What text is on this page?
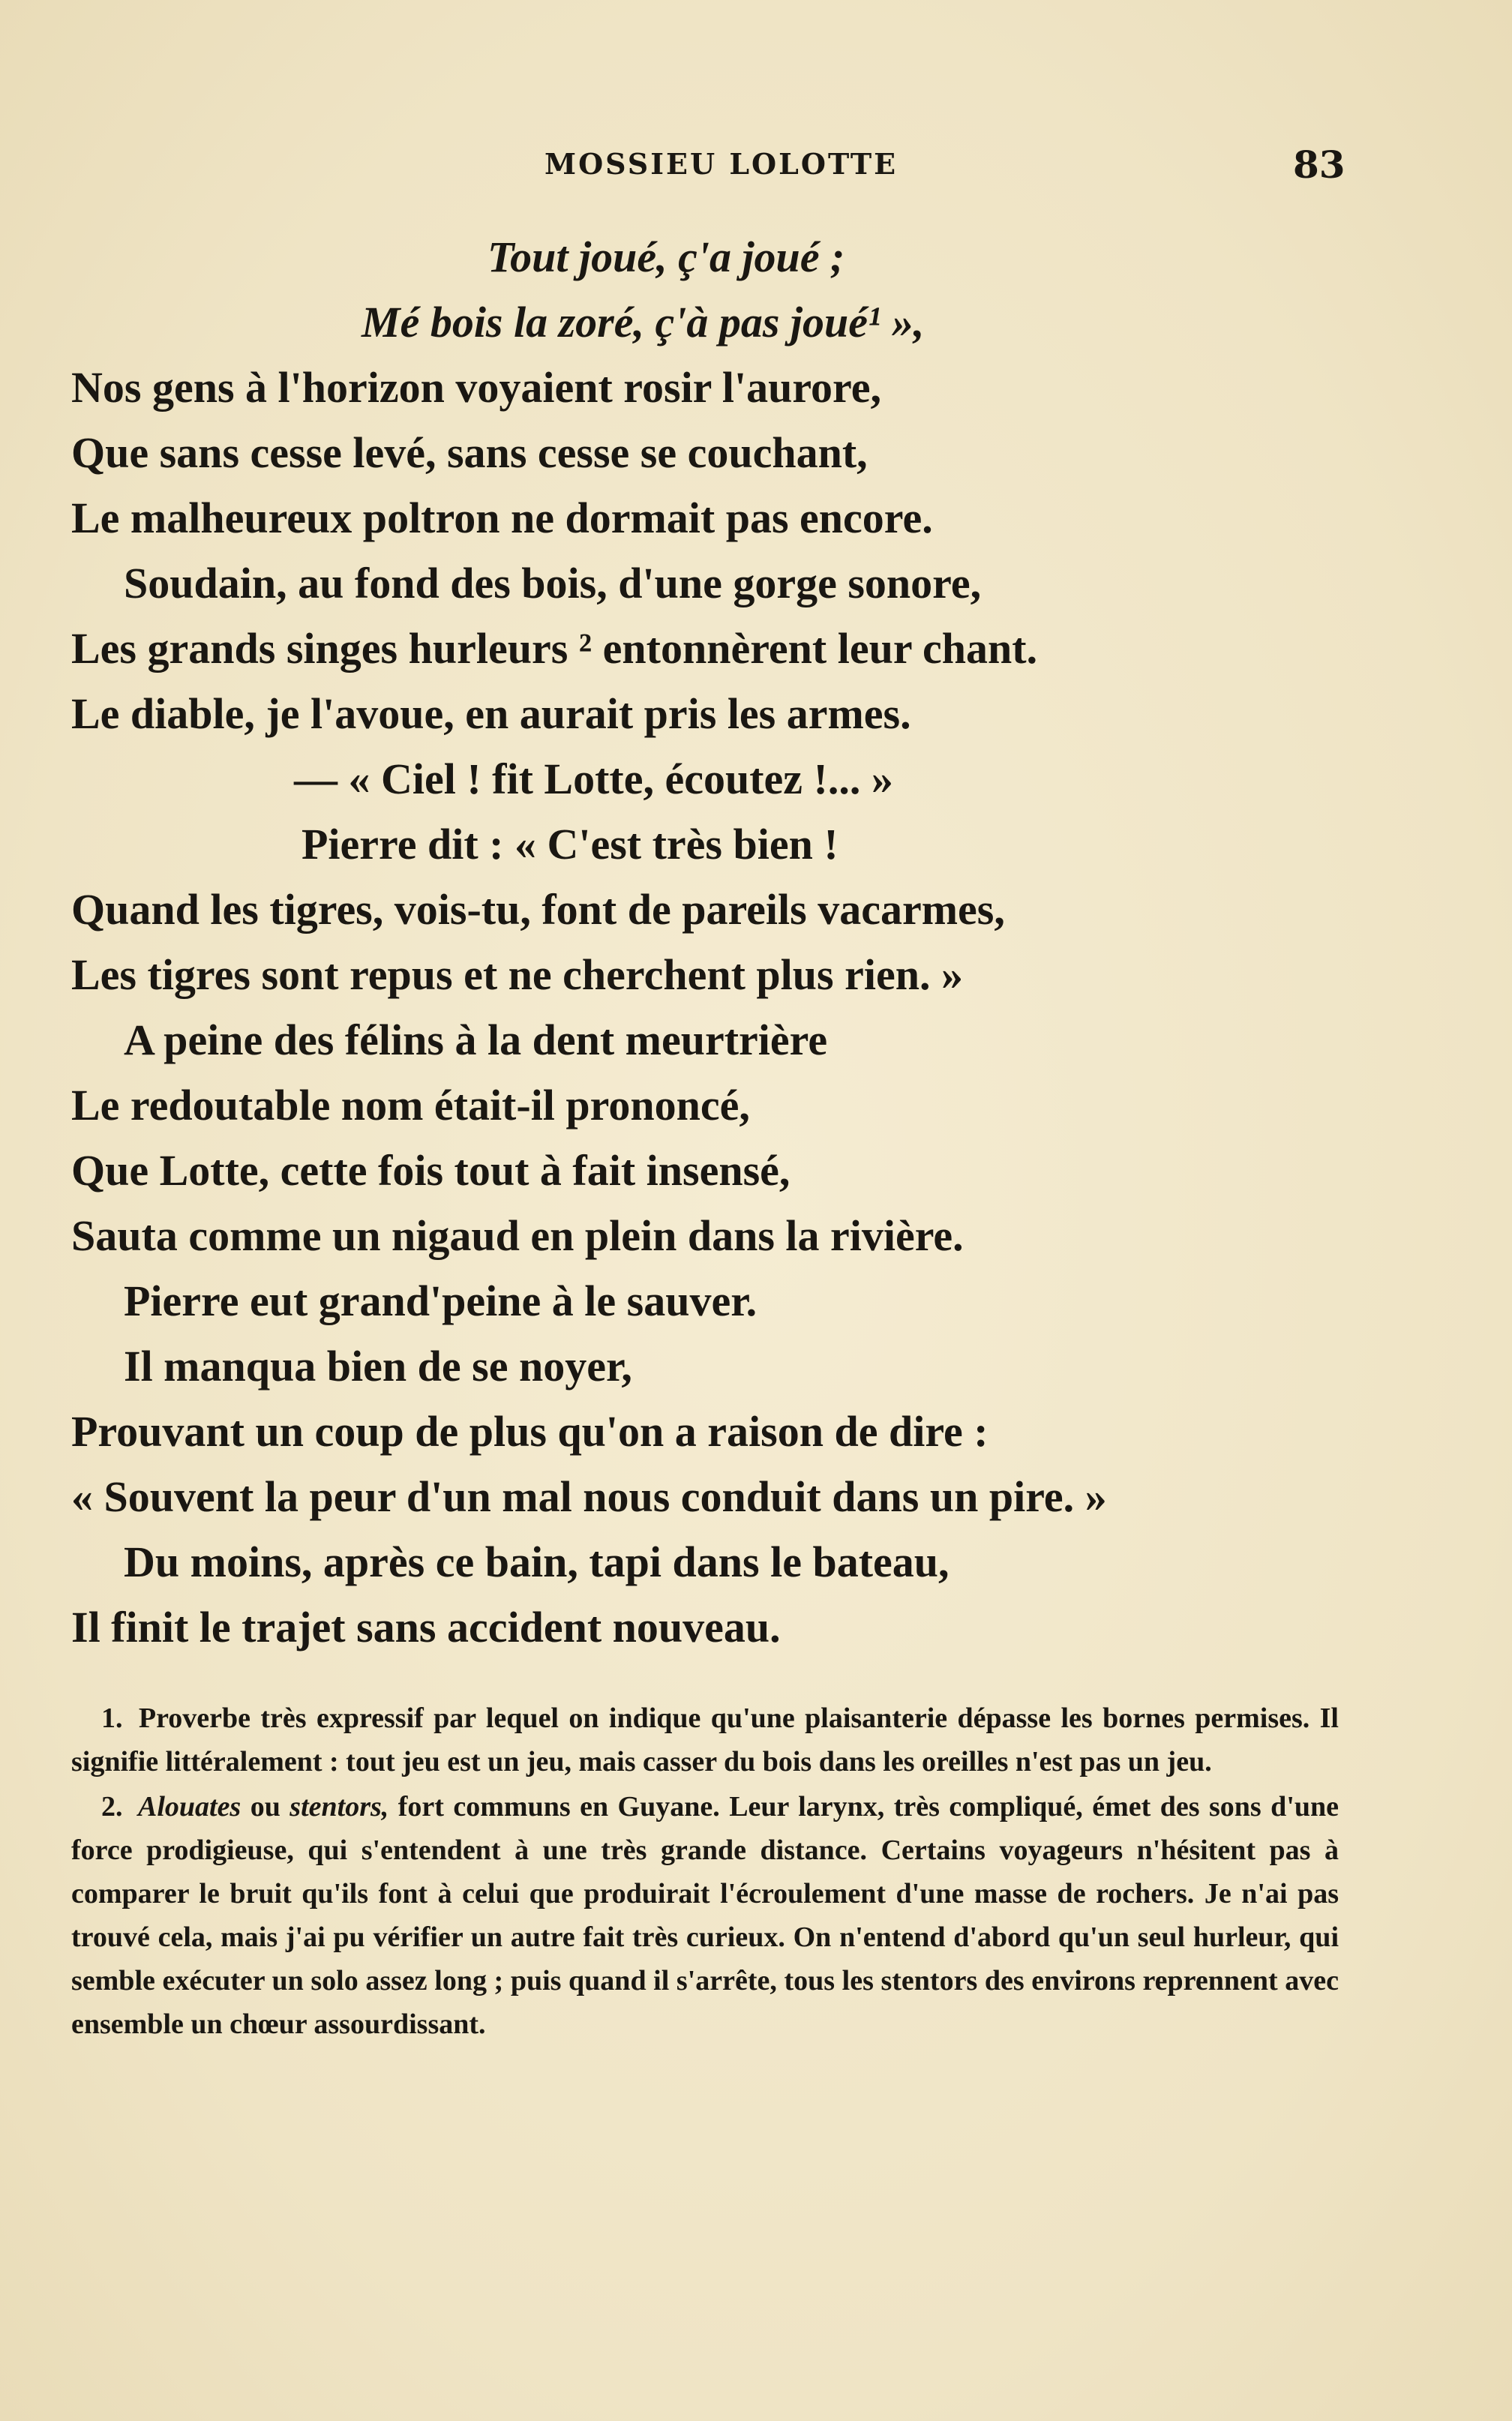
MOSSIEU LOLOTTE	83
Tout joué, ç'a joué ;
Mé bois la zoré, ç'à pas joué¹ »,
Nos gens à l'horizon voyaient rosir l'aurore,
Que sans cesse levé, sans cesse se couchant,
Le malheureux poltron ne dormait pas encore.
Soudain, au fond des bois, d'une gorge sonore,
Les grands singes hurleurs ² entonnèrent leur chant.
Le diable, je l'avoue, en aurait pris les armes.
— « Ciel ! fit Lotte, écoutez !... »
Pierre dit : « C'est très bien !
Quand les tigres, vois-tu, font de pareils vacarmes,
Les tigres sont repus et ne cherchent plus rien. »
A peine des félins à la dent meurtrière
Le redoutable nom était-il prononcé,
Que Lotte, cette fois tout à fait insensé,
Sauta comme un nigaud en plein dans la rivière.
Pierre eut grand'peine à le sauver.
Il manqua bien de se noyer,
Prouvant un coup de plus qu'on a raison de dire :
« Souvent la peur d'un mal nous conduit dans un pire. »
Du moins, après ce bain, tapi dans le bateau,
Il finit le trajet sans accident nouveau.

1. Proverbe très expressif par lequel on indique qu'une plaisanterie dépasse les bornes permises. Il signifie littéralement : tout jeu est un jeu, mais casser du bois dans les oreilles n'est pas un jeu.

2. Alouates ou stentors, fort communs en Guyane. Leur larynx, très compliqué, émet des sons d'une force prodigieuse, qui s'entendent à une très grande distance. Certains voyageurs n'hésitent pas à comparer le bruit qu'ils font à celui que produirait l'écroulement d'une masse de rochers. Je n'ai pas trouvé cela, mais j'ai pu vérifier un autre fait très curieux. On n'entend d'abord qu'un seul hurleur, qui semble exécuter un solo assez long ; puis quand il s'arrête, tous les stentors des environs reprennent avec ensemble un chœur assourdissant.
